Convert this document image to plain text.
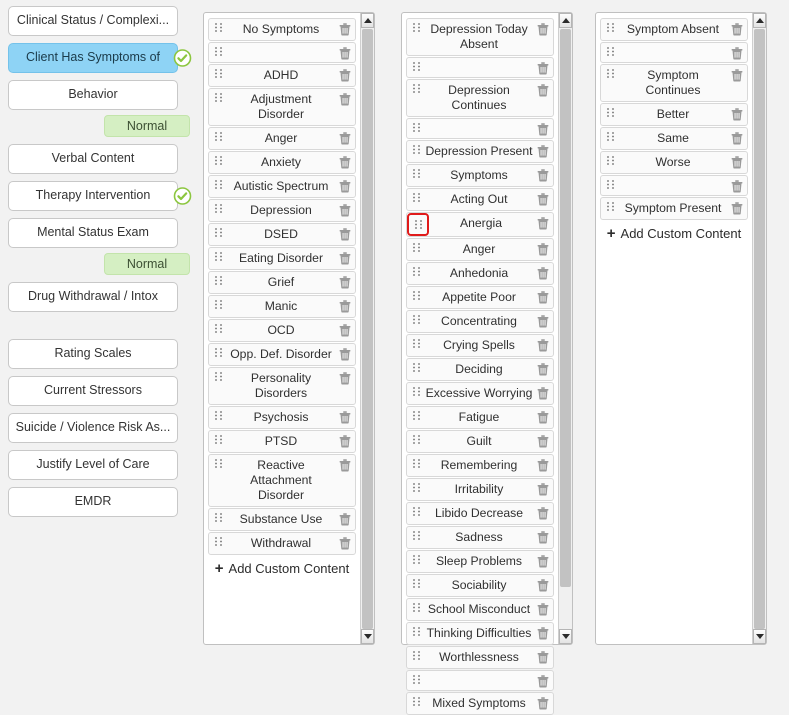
Clinical Status / Complexi...
Client Has Symptoms of
Behavior
Normal
Verbal Content
Therapy Intervention
Mental Status Exam
Normal
Drug Withdrawal / Intox
Rating Scales
Current Stressors
Suicide / Violence Risk As...
Justify Level of Care
EMDR
No Symptoms
ADHD
Adjustment Disorder
Anger
Anxiety
Autistic Spectrum
Depression
DSED
Eating Disorder
Grief
Manic
OCD
Opp. Def. Disorder
Personality Disorders
Psychosis
PTSD
Reactive Attachment Disorder
Substance Use
Withdrawal
+ Add Custom Content
Depression Today Absent
Depression Continues
Depression Present
Symptoms
Acting Out
Anergia
Anger
Anhedonia
Appetite Poor
Concentrating
Crying Spells
Deciding
Excessive Worrying
Fatigue
Guilt
Remembering
Irritability
Libido Decrease
Sadness
Sleep Problems
Sociability
School Misconduct
Thinking Difficulties
Worthlessness
Mixed Symptoms
Symptom Absent
Symptom Continues
Better
Same
Worse
Symptom Present
+ Add Custom Content
